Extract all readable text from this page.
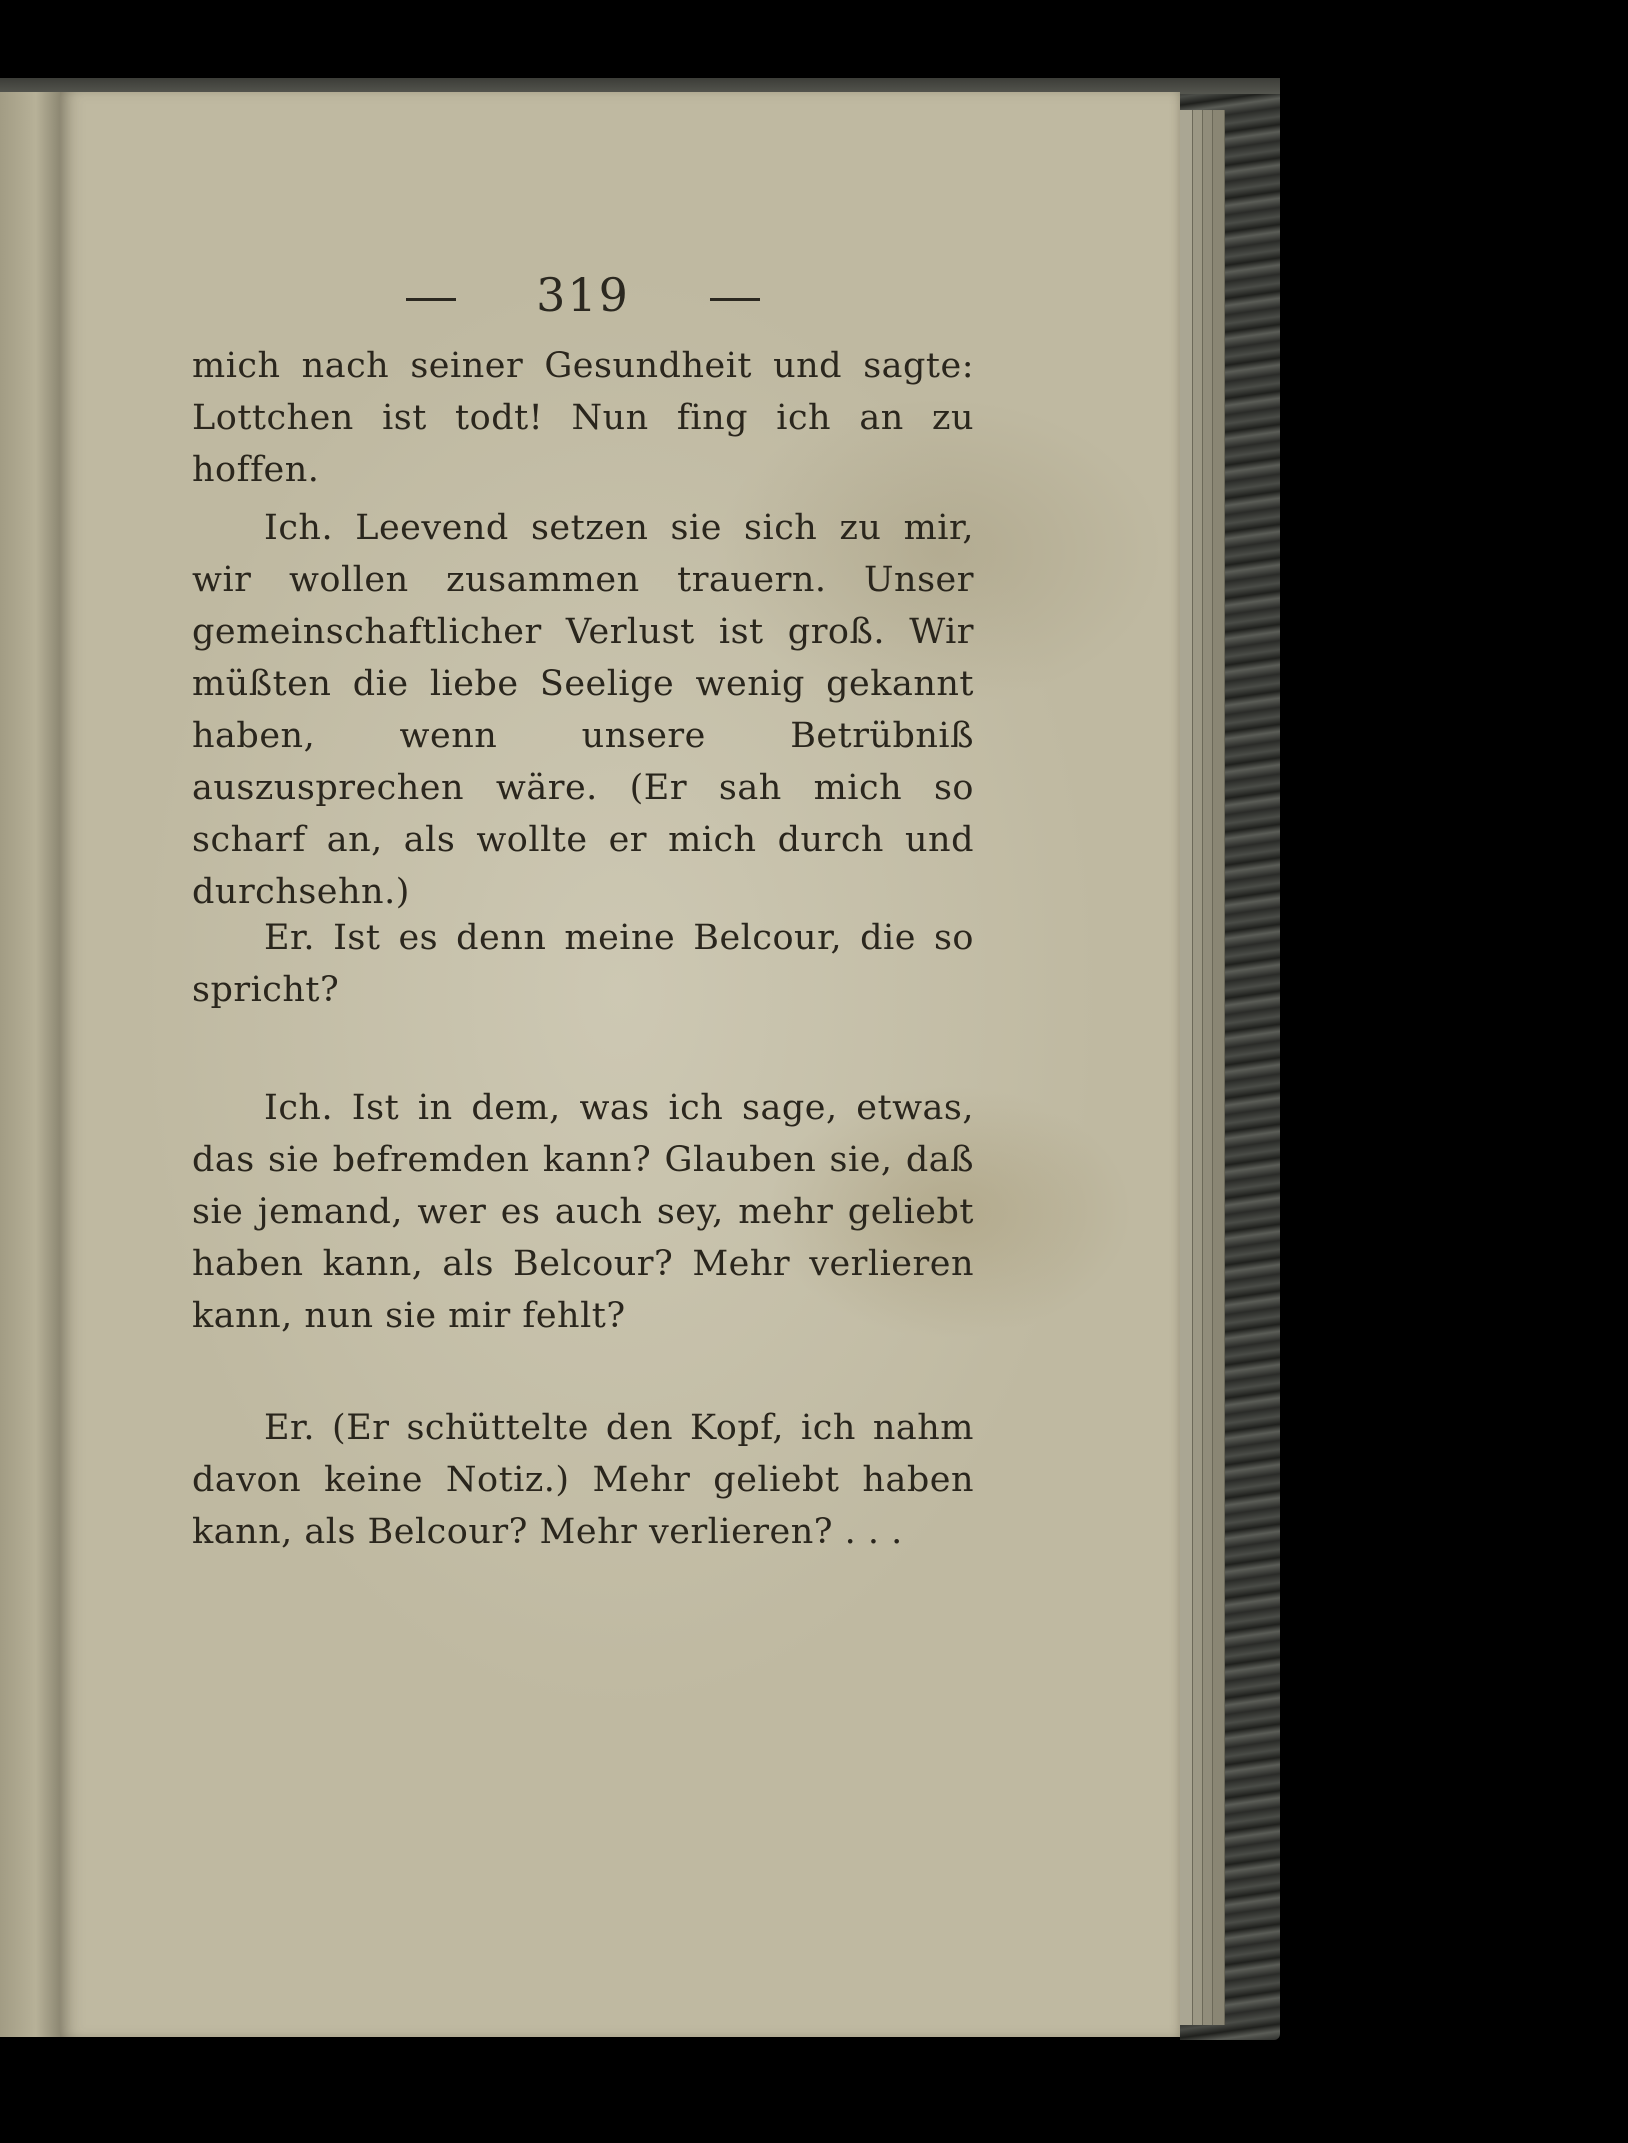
319

mich nach seiner Gesundheit und sagte: Lottchen ist todt! Nun fing ich an zu hoffen.

Ich. Leevend setzen sie sich zu mir, wir wollen zusammen trauern. Unser gemeinschaftlicher Verlust ist groß. Wir müßten die liebe Seelige wenig gekannt haben, wenn unsere Betrübniß auszusprechen wäre. (Er sah mich so scharf an, als wollte er mich durch und durchsehn.)

Er. Ist es denn meine Belcour, die so spricht?

Ich. Ist in dem, was ich sage, etwas, das sie befremden kann? Glauben sie, daß sie jemand, wer es auch sey, mehr geliebt haben kann, als Belcour? Mehr verlieren kann, nun sie mir fehlt?

Er. (Er schüttelte den Kopf, ich nahm davon keine Notiz.) Mehr geliebt haben kann, als Belcour? Mehr verlieren? . . .
